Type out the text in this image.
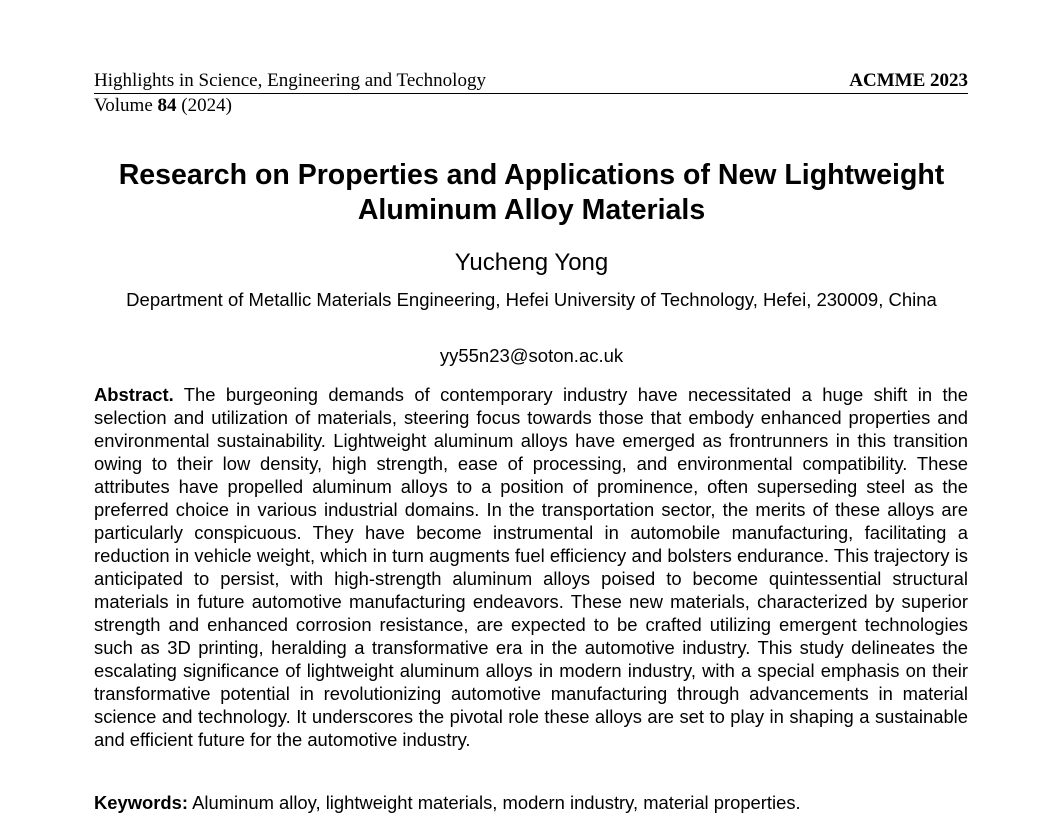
Highlights in Science, Engineering and Technology	ACMME 2023
Volume 84 (2024)
Research on Properties and Applications of New Lightweight Aluminum Alloy Materials
Yucheng Yong
Department of Metallic Materials Engineering, Hefei University of Technology, Hefei, 230009, China
yy55n23@soton.ac.uk

Abstract. The burgeoning demands of contemporary industry have necessitated a huge shift in the selection and utilization of materials, steering focus towards those that embody enhanced properties and environmental sustainability. Lightweight aluminum alloys have emerged as frontrunners in this transition owing to their low density, high strength, ease of processing, and environmental compatibility. These attributes have propelled aluminum alloys to a position of prominence, often superseding steel as the preferred choice in various industrial domains. In the transportation sector, the merits of these alloys are particularly conspicuous. They have become instrumental in automobile manufacturing, facilitating a reduction in vehicle weight, which in turn augments fuel efficiency and bolsters endurance. This trajectory is anticipated to persist, with high-strength aluminum alloys poised to become quintessential structural materials in future automotive manufacturing endeavors. These new materials, characterized by superior strength and enhanced corrosion resistance, are expected to be crafted utilizing emergent technologies such as 3D printing, heralding a transformative era in the automotive industry. This study delineates the escalating significance of lightweight aluminum alloys in modern industry, with a special emphasis on their transformative potential in revolutionizing automotive manufacturing through advancements in material science and technology. It underscores the pivotal role these alloys are set to play in shaping a sustainable and efficient future for the automotive industry.

Keywords: Aluminum alloy, lightweight materials, modern industry, material properties.
